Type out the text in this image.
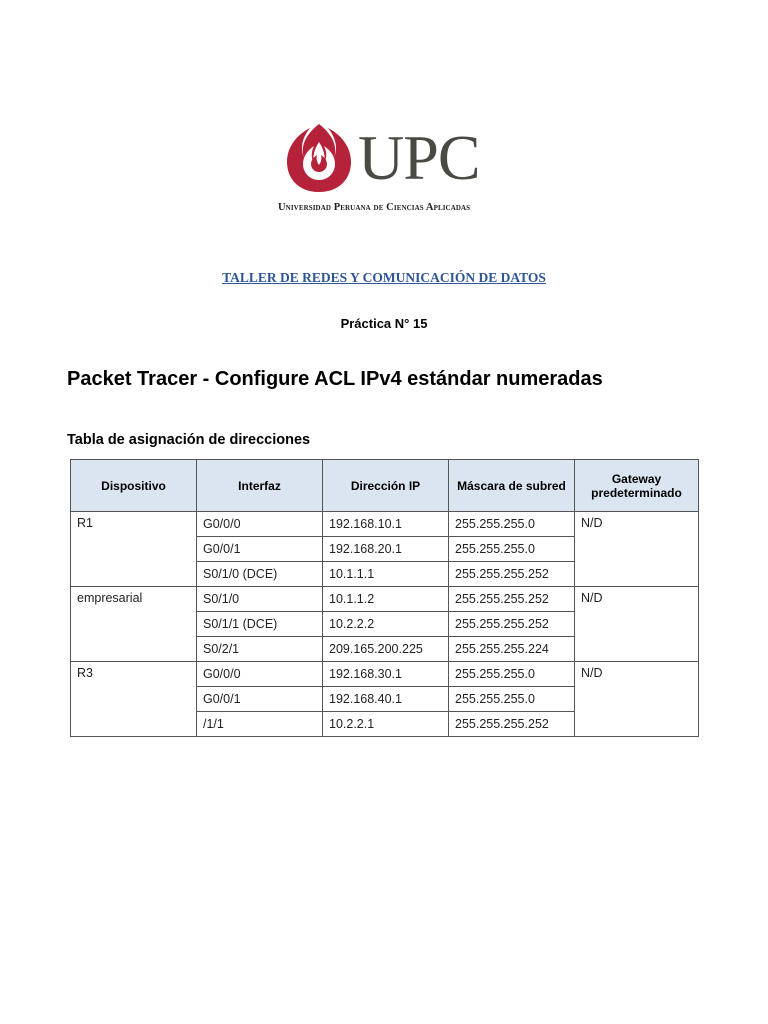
UPC
Universidad Peruana de Ciencias Aplicadas
TALLER DE REDES Y COMUNICACIÓN DE DATOS
Práctica N° 15
Packet Tracer - Configure ACL IPv4 estándar numeradas
Tabla de asignación de direcciones
Dispositivo	Interfaz	Dirección IP	Máscara de subred	Gateway predeterminado
R1	G0/0/0	192.168.10.1	255.255.255.0	N/D
	G0/0/1	192.168.20.1	255.255.255.0	
	S0/1/0 (DCE)	10.1.1.1	255.255.255.252	
empresarial	S0/1/0	10.1.1.2	255.255.255.252	N/D
	S0/1/1 (DCE)	10.2.2.2	255.255.255.252	
	S0/2/1	209.165.200.225	255.255.255.224	
R3	G0/0/0	192.168.30.1	255.255.255.0	N/D
	G0/0/1	192.168.40.1	255.255.255.0	
	/1/1	10.2.2.1	255.255.255.252	
